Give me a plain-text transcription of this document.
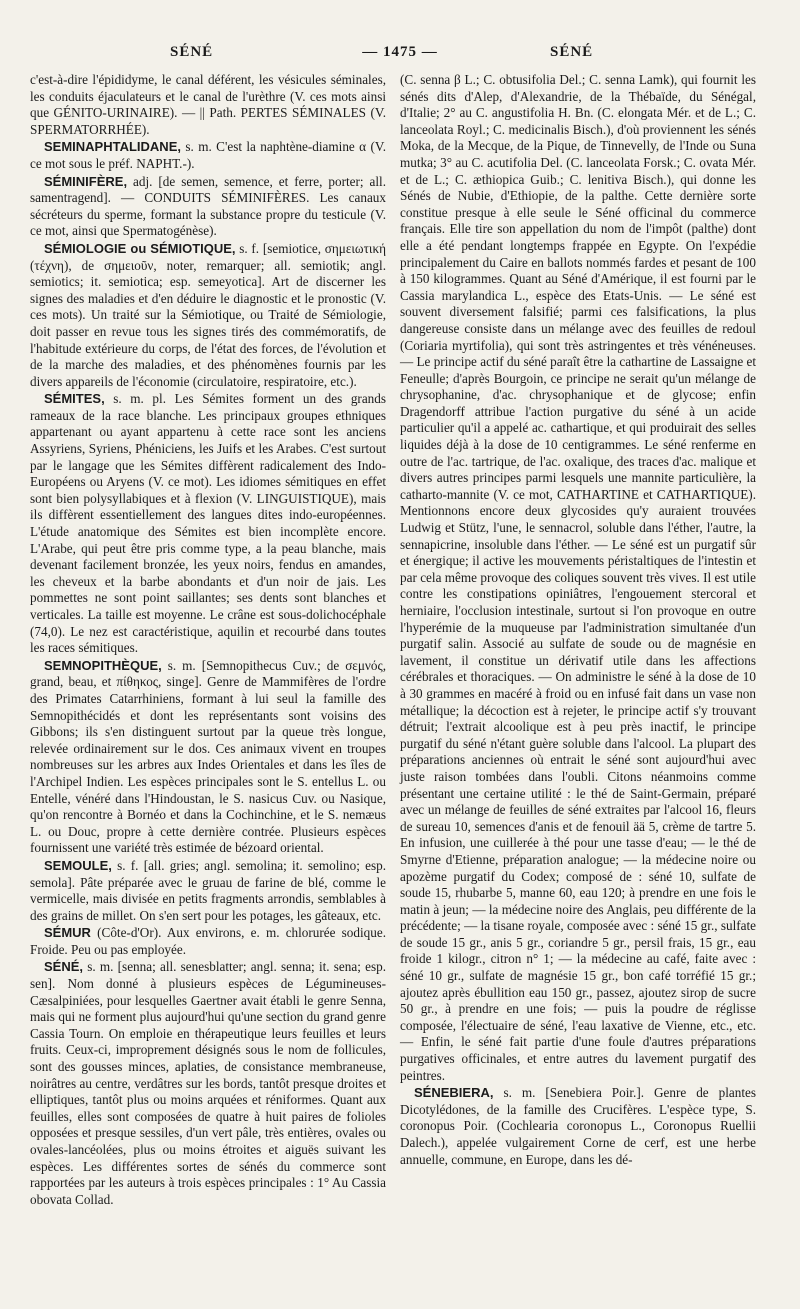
SÉNÉ	— 1475 —	SÉNÉ

c'est-à-dire l'épididyme, le canal déférent, les vésicules séminales, les conduits éjaculateurs et le canal de l'urèthre (V. ces mots ainsi que GÉNITO-URINAIRE). — || Path. PERTES SÉMINALES (V. SPERMATORRHÉE).

SEMINAPHTALIDANE, s. m. C'est la naphtène-diamine α (V. ce mot sous le préf. NAPHT.-).

SÉMINIFÈRE, adj. [de semen, semence, et ferre, porter; all. samentragend]. — CONDUITS SÉMINIFÈRES. Les canaux sécréteurs du sperme, formant la substance propre du testicule (V. ce mot, ainsi que Spermatogénèse).

SÉMIOLOGIE ou SÉMIOTIQUE, s. f. [semiotice, σημειωτική (τέχνη), de σημειοῦν, noter, remarquer; all. semiotik; angl. semiotics; it. semiotica; esp. semeyotica]. Art de discerner les signes des maladies et d'en déduire le diagnostic et le pronostic (V. ces mots). Un traité sur la Sémiotique, ou Traité de Sémiologie, doit passer en revue tous les signes tirés des commémoratifs, de l'habitude extérieure du corps, de l'état des forces, de l'évolution et de la marche des maladies, et des phénomènes fournis par les divers appareils de l'économie (circulatoire, respiratoire, etc.).

SÉMITES, s. m. pl. Les Sémites forment un des grands rameaux de la race blanche. Les principaux groupes ethniques appartenant ou ayant appartenu à cette race sont les anciens Assyriens, Syriens, Phéniciens, les Juifs et les Arabes. C'est surtout par le langage que les Sémites diffèrent radicalement des Indo-Européens ou Aryens (V. ce mot). Les idiomes sémitiques en effet sont bien polysyllabiques et à flexion (V. LINGUISTIQUE), mais ils diffèrent essentiellement des langues dites indo-européennes. L'étude anatomique des Sémites est bien incomplète encore. L'Arabe, qui peut être pris comme type, a la peau blanche, mais devenant facilement bronzée, les yeux noirs, fendus en amandes, les cheveux et la barbe abondants et d'un noir de jais. Les pommettes ne sont point saillantes; ses dents sont blanches et verticales. La taille est moyenne. Le crâne est sous-dolichocéphale (74,0). Le nez est caractéristique, aquilin et recourbé dans toutes les races sémitiques.

SEMNOPITHÈQUE, s. m. [Semnopithecus Cuv.; de σεμνός, grand, beau, et πίθηκος, singe]. Genre de Mammifères de l'ordre des Primates Catarrhiniens, formant à lui seul la famille des Semnopithécidés et dont les représentants sont voisins des Gibbons; ils s'en distinguent surtout par la queue très longue, relevée ordinairement sur le dos. Ces animaux vivent en troupes nombreuses sur les arbres aux Indes Orientales et dans les îles de l'Archipel Indien. Les espèces principales sont le S. entellus L. ou Entelle, vénéré dans l'Hindoustan, le S. nasicus Cuv. ou Nasique, qu'on rencontre à Bornéo et dans la Cochinchine, et le S. nemæus L. ou Douc, propre à cette dernière contrée. Plusieurs espèces fournissent une variété très estimée de bézoard oriental.

SEMOULE, s. f. [all. gries; angl. semolina; it. semolino; esp. semola]. Pâte préparée avec le gruau de farine de blé, comme le vermicelle, mais divisée en petits fragments arrondis, semblables à des grains de millet. On s'en sert pour les potages, les gâteaux, etc.

SÉMUR (Côte-d'Or). Aux environs, e. m. chlorurée sodique. Froide. Peu ou pas employée.

SÉNÉ, s. m. [senna; all. senesblatter; angl. senna; it. sena; esp. sen]. Nom donné à plusieurs espèces de Légumineuses-Cæsalpiniées, pour lesquelles Gaertner avait établi le genre Senna, mais qui ne forment plus aujourd'hui qu'une section du grand genre Cassia Tourn. On emploie en thérapeutique leurs feuilles et leurs fruits. Ceux-ci, improprement désignés sous le nom de follicules, sont des gousses minces, aplaties, de consistance membraneuse, noirâtres au centre, verdâtres sur les bords, tantôt presque droites et elliptiques, tantôt plus ou moins arquées et réniformes. Quant aux feuilles, elles sont composées de quatre à huit paires de folioles opposées et presque sessiles, d'un vert pâle, très entières, ovales ou ovales-lancéolées, plus ou moins étroites et aiguës suivant les espèces. Les différentes sortes de sénés du commerce sont rapportées par les auteurs à trois espèces principales : 1° Au Cassia obovata Collad.

(C. senna β L.; C. obtusifolia Del.; C. senna Lamk), qui fournit les sénés dits d'Alep, d'Alexandrie, de la Thébaïde, du Sénégal, d'Italie; 2° au C. angustifolia H. Bn. (C. elongata Mér. et de L.; C. lanceolata Royl.; C. medicinalis Bisch.), d'où proviennent les sénés Moka, de la Mecque, de la Pique, de Tinnevelly, de l'Inde ou Suna mutka; 3° au C. acutifolia Del. (C. lanceolata Forsk.; C. ovata Mér. et de L.; C. æthiopica Guib.; C. lenitiva Bisch.), qui donne les Sénés de Nubie, d'Ethiopie, de la palthe. Cette dernière sorte constitue presque à elle seule le Séné officinal du commerce français. Elle tire son appellation du nom de l'impôt (palthe) dont elle a été pendant longtemps frappée en Egypte. On l'expédie principalement du Caire en ballots nommés fardes et pesant de 100 à 150 kilogrammes. Quant au Séné d'Amérique, il est fourni par le Cassia marylandica L., espèce des Etats-Unis. — Le séné est souvent diversement falsifié; parmi ces falsifications, la plus dangereuse consiste dans un mélange avec des feuilles de redoul (Coriaria myrtifolia), qui sont très astringentes et très vénéneuses. — Le principe actif du séné paraît être la cathartine de Lassaigne et Feneulle; d'après Bourgoin, ce principe ne serait qu'un mélange de chrysophanine, d'ac. chrysophanique et de glycose; enfin Dragendorff attribue l'action purgative du séné à un acide particulier qu'il a appelé ac. cathartique, et qui produirait des selles liquides déjà à la dose de 10 centigrammes. Le séné renferme en outre de l'ac. tartrique, de l'ac. oxalique, des traces d'ac. malique et divers autres principes parmi lesquels une mannite particulière, la catharto-mannite (V. ce mot, CATHARTINE et CATHARTIQUE). Mentionnons encore deux glycosides qu'y auraient trouvées Ludwig et Stütz, l'une, le sennacrol, soluble dans l'éther, l'autre, la sennapicrine, insoluble dans l'éther. — Le séné est un purgatif sûr et énergique; il active les mouvements péristaltiques de l'intestin et par cela même provoque des coliques souvent très vives. Il est utile contre les constipations opiniâtres, l'engouement stercoral et herniaire, l'occlusion intestinale, surtout si l'on provoque en outre l'hyperémie de la muqueuse par l'administration simultanée d'un purgatif salin. Associé au sulfate de soude ou de magnésie en lavement, il constitue un dérivatif utile dans les affections cérébrales et thoraciques. — On administre le séné à la dose de 10 à 30 grammes en macéré à froid ou en infusé fait dans un vase non métallique; la décoction est à rejeter, le principe actif s'y trouvant détruit; l'extrait alcoolique est à peu près inactif, le principe purgatif du séné n'étant guère soluble dans l'alcool. La plupart des préparations anciennes où entrait le séné sont aujourd'hui avec juste raison tombées dans l'oubli. Citons néanmoins comme présentant une certaine utilité : le thé de Saint-Germain, préparé avec un mélange de feuilles de séné extraites par l'alcool 16, fleurs de sureau 10, semences d'anis et de fenouil ää 5, crème de tartre 5. En infusion, une cuillerée à thé pour une tasse d'eau; — le thé de Smyrne d'Etienne, préparation analogue; — la médecine noire ou apozème purgatif du Codex; composé de : séné 10, sulfate de soude 15, rhubarbe 5, manne 60, eau 120; à prendre en une fois le matin à jeun; — la médecine noire des Anglais, peu différente de la précédente; — la tisane royale, composée avec : séné 15 gr., sulfate de soude 15 gr., anis 5 gr., coriandre 5 gr., persil frais, 15 gr., eau froide 1 kilogr., citron n° 1; — la médecine au café, faite avec : séné 10 gr., sulfate de magnésie 15 gr., bon café torréfié 15 gr.; ajoutez après ébullition eau 150 gr., passez, ajoutez sirop de sucre 50 gr., à prendre en une fois; — puis la poudre de réglisse composée, l'électuaire de séné, l'eau laxative de Vienne, etc., etc. — Enfin, le séné fait partie d'une foule d'autres préparations purgatives officinales, et entre autres du lavement purgatif des peintres.

SÉNEBIERA, s. m. [Senebiera Poir.]. Genre de plantes Dicotylédones, de la famille des Crucifères. L'espèce type, S. coronopus Poir. (Cochlearia coronopus L., Coronopus Ruellii Dalech.), appelée vulgairement Corne de cerf, est une herbe annuelle, commune, en Europe, dans les dé-
